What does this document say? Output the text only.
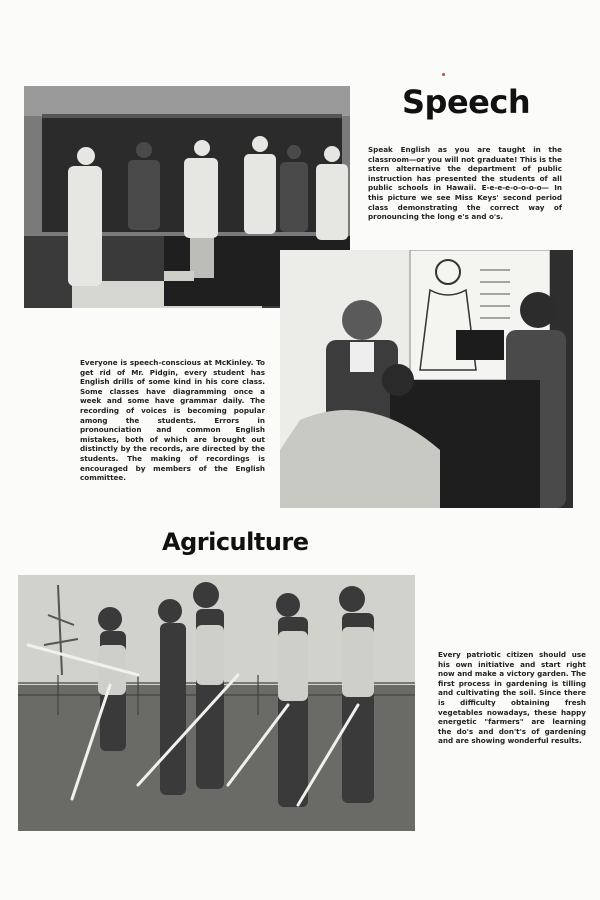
Speech

Speak English as you are taught in the classroom—or you will not graduate! This is the stern alternative the department of public instruction has presented the students of all public schools in Hawaii. E-e-e-e-o-o-o-o— In this picture we see Miss Keys' second period class demonstrating the correct way of pronouncing the long e's and o's.

Everyone is speech-conscious at McKinley. To get rid of Mr. Pidgin, every student has English drills of some kind in his core class. Some classes have diagramming once a week and some have grammar daily. The recording of voices is becoming popular among the students. Errors in pronounciation and common English mistakes, both of which are brought out distinctly by the records, are directed by the students. The making of recordings is encouraged by members of the English committee.

Agriculture

Every patriotic citizen should use his own initiative and start right now and make a victory garden. The first process in gardening is tilling and cultivating the soil. Since there is difficulty obtaining fresh vegetables nowadays, these happy energetic "farmers" are learning the do's and don't's of gardening and are showing wonderful results.
